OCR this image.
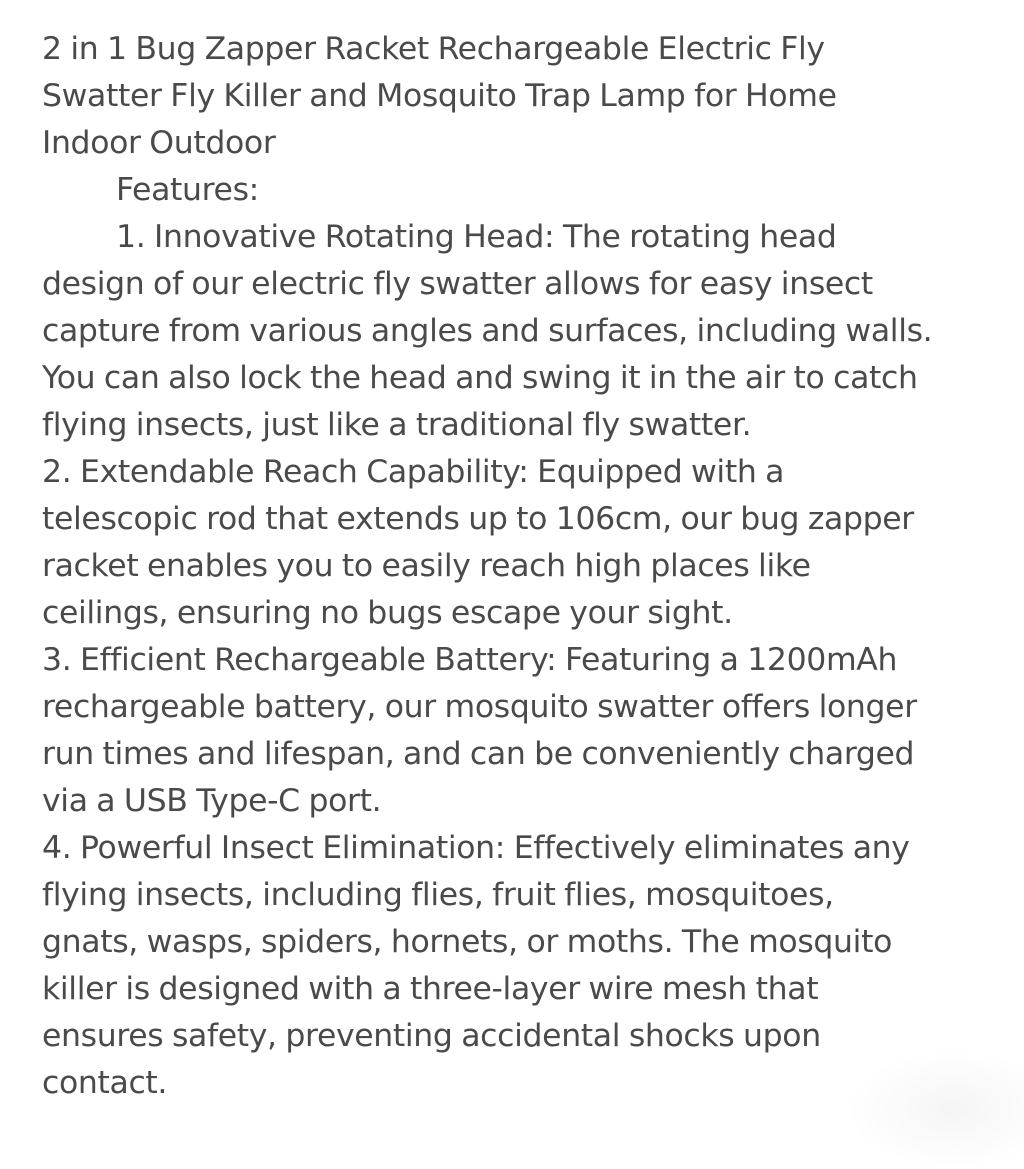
2 in 1 Bug Zapper Racket Rechargeable Electric Fly
Swatter Fly Killer and Mosquito Trap Lamp for Home
Indoor Outdoor
Features:
1. Innovative Rotating Head: The rotating head
design of our electric fly swatter allows for easy insect
capture from various angles and surfaces, including walls.
You can also lock the head and swing it in the air to catch
flying insects, just like a traditional fly swatter.
2. Extendable Reach Capability: Equipped with a
telescopic rod that extends up to 106cm, our bug zapper
racket enables you to easily reach high places like
ceilings, ensuring no bugs escape your sight.
3. Efficient Rechargeable Battery: Featuring a 1200mAh
rechargeable battery, our mosquito swatter offers longer
run times and lifespan, and can be conveniently charged
via a USB Type-C port.
4. Powerful Insect Elimination: Effectively eliminates any
flying insects, including flies, fruit flies, mosquitoes,
gnats, wasps, spiders, hornets, or moths. The mosquito
killer is designed with a three-layer wire mesh that
ensures safety, preventing accidental shocks upon
contact.
